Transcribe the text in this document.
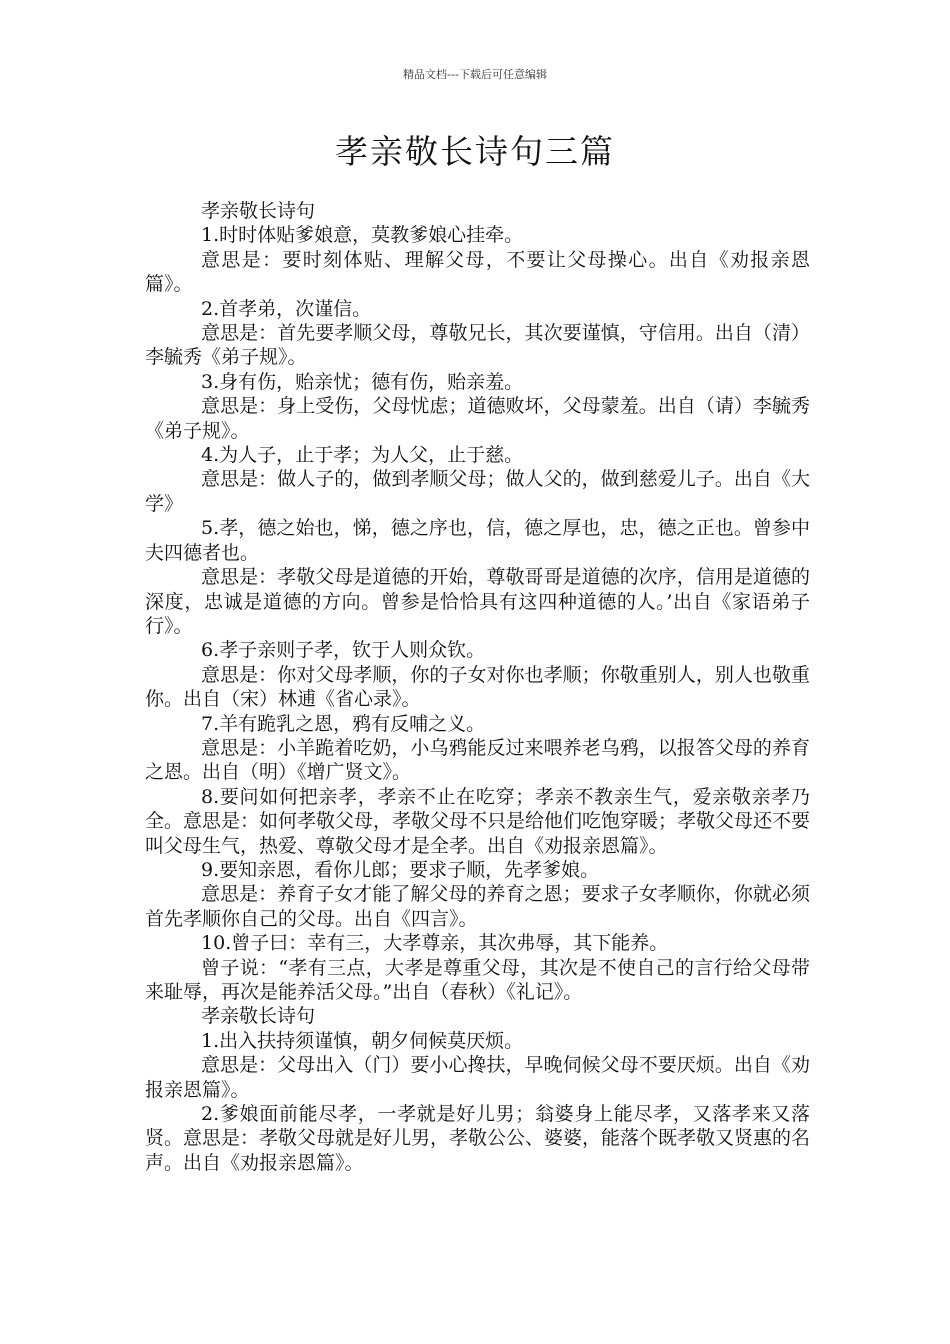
精品文档---下载后可任意编辑
孝亲敬长诗句三篇

孝亲敬长诗句

1.时时体贴爹娘意，莫教爹娘心挂牵。

意思是：要时刻体贴、理解父母，不要让父母操心。出自《劝报亲恩篇》。

2.首孝弟，次谨信。

意思是：首先要孝顺父母，尊敬兄长，其次要谨慎，守信用。出自（清）李毓秀《弟子规》。

3.身有伤，贻亲忧；德有伤，贻亲羞。

意思是：身上受伤，父母忧虑；道德败坏，父母蒙羞。出自（请）李毓秀《弟子规》。

4.为人子，止于孝；为人父，止于慈。

意思是：做人子的，做到孝顺父母；做人父的，做到慈爱儿子。出自《大学》

5.孝，德之始也，悌，德之序也，信，德之厚也，忠，德之正也。曾参中夫四德者也。

意思是：孝敬父母是道德的开始，尊敬哥哥是道德的次序，信用是道德的深度，忠诚是道德的方向。曾参是恰恰具有这四种道德的人。’出自《家语弟子行》。

6.孝子亲则子孝，钦于人则众钦。

意思是：你对父母孝顺，你的子女对你也孝顺；你敬重别人，别人也敬重你。出自（宋）林逋《省心录》。

7.羊有跪乳之恩，鸦有反哺之义。

意思是：小羊跪着吃奶，小乌鸦能反过来喂养老乌鸦，以报答父母的养育之恩。出自（明）《增广贤文》。

8.要问如何把亲孝，孝亲不止在吃穿；孝亲不教亲生气，爱亲敬亲孝乃全。意思是：如何孝敬父母，孝敬父母不只是给他们吃饱穿暖；孝敬父母还不要叫父母生气，热爱、尊敬父母才是全孝。出自《劝报亲恩篇》。

9.要知亲恩，看你儿郎；要求子顺，先孝爹娘。

意思是：养育子女才能了解父母的养育之恩；要求子女孝顺你，你就必须首先孝顺你自己的父母。出自《四言》。

10.曾子曰：幸有三，大孝尊亲，其次弗辱，其下能养。

曾子说：“孝有三点，大孝是尊重父母，其次是不使自己的言行给父母带来耻辱，再次是能养活父母。”出自（春秋）《礼记》。

孝亲敬长诗句

1.出入扶持须谨慎，朝夕伺候莫厌烦。

意思是：父母出入（门）要小心搀扶，早晚伺候父母不要厌烦。出自《劝报亲恩篇》。

2.爹娘面前能尽孝，一孝就是好儿男；翁婆身上能尽孝，又落孝来又落贤。意思是：孝敬父母就是好儿男，孝敬公公、婆婆，能落个既孝敬又贤惠的名声。出自《劝报亲恩篇》。
